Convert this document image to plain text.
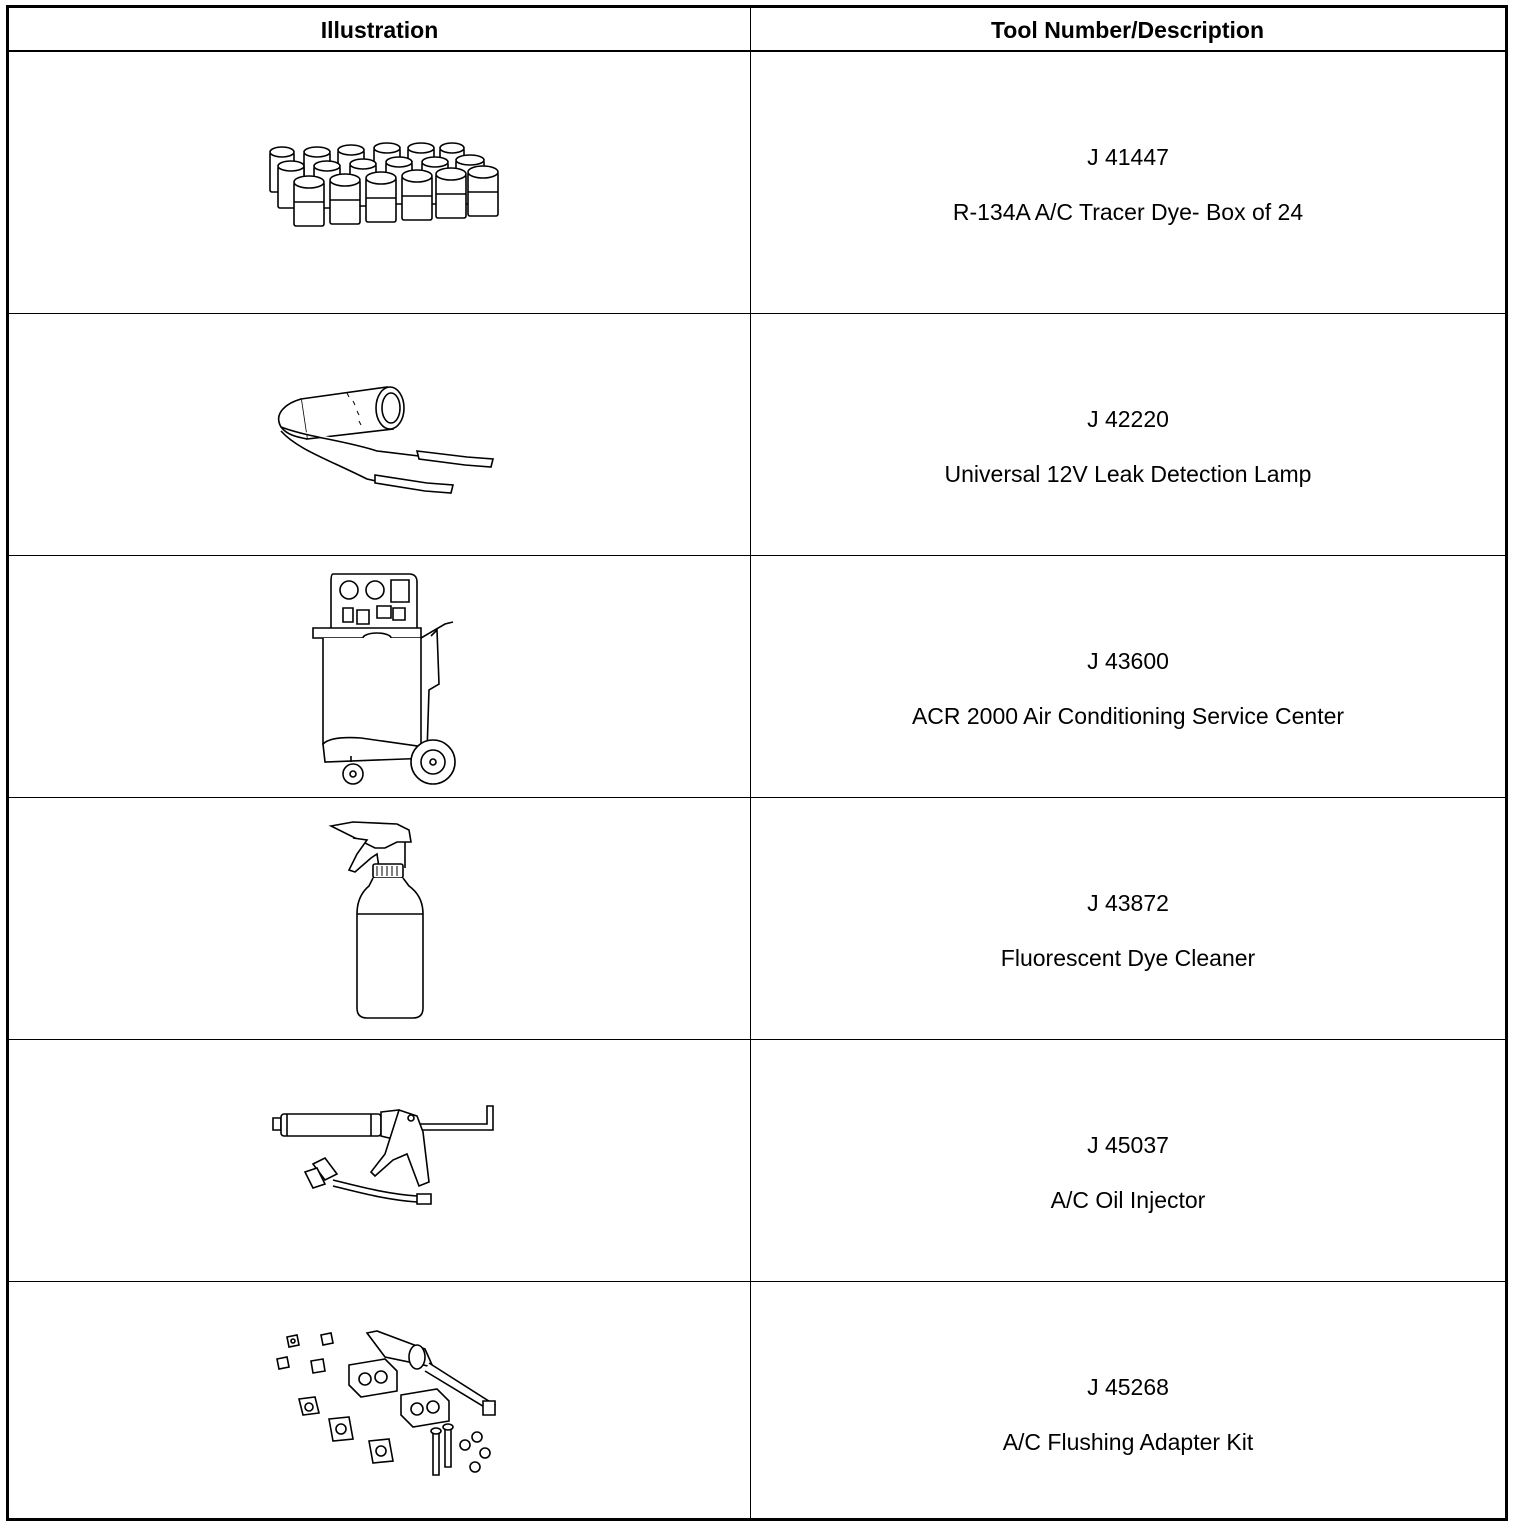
Illustration	Tool Number/Description
J 41447
R-134A A/C Tracer Dye- Box of 24
J 42220
Universal 12V Leak Detection Lamp
J 43600
ACR 2000 Air Conditioning Service Center
J 43872
Fluorescent Dye Cleaner
J 45037
A/C Oil Injector
J 45268
A/C Flushing Adapter Kit
